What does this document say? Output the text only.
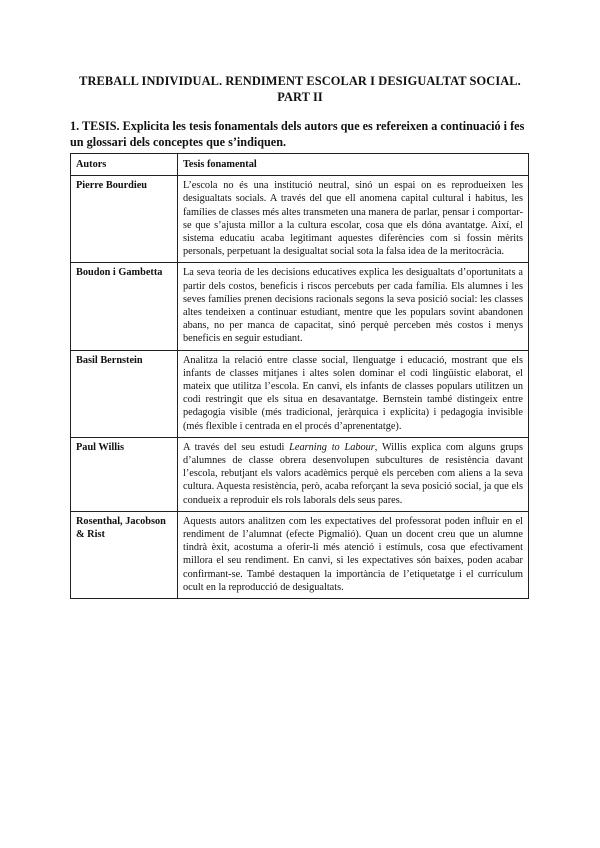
TREBALL INDIVIDUAL. RENDIMENT ESCOLAR I DESIGUALTAT SOCIAL. PART II
1. TESIS. Explicita les tesis fonamentals dels autors que es refereixen a continuació i fes un glossari dels conceptes que s’indiquen.
Autors	Tesis fonamental
Pierre Bourdieu	L’escola no és una institució neutral, sinó un espai on es reprodueixen les desigualtats socials. A través del que ell anomena capital cultural i habitus, les famílies de classes més altes transmeten una manera de parlar, pensar i comportar-se que s’ajusta millor a la cultura escolar, cosa que els dóna avantatge. Així, el sistema educatiu acaba legitimant aquestes diferències com si fossin mèrits personals, perpetuant la desigualtat social sota la falsa idea de la meritocràcia.
Boudon i Gambetta	La seva teoria de les decisions educatives explica les desigualtats d’oportunitats a partir dels costos, beneficis i riscos percebuts per cada família. Els alumnes i les seves famílies prenen decisions racionals segons la seva posició social: les classes altes tendeixen a continuar estudiant, mentre que les populars sovint abandonen abans, no per manca de capacitat, sinó perquè perceben més costos i menys beneficis en seguir estudiant.
Basil Bernstein	Analitza la relació entre classe social, llenguatge i educació, mostrant que els infants de classes mitjanes i altes solen dominar el codi lingüístic elaborat, el mateix que utilitza l’escola. En canvi, els infants de classes populars utilitzen un codi restringit que els situa en desavantatge. Bernstein també distingeix entre pedagogia visible (més tradicional, jeràrquica i explícita) i pedagogia invisible (més flexible i centrada en el procés d’aprenentatge).
Paul Willis	A través del seu estudi Learning to Labour, Willis explica com alguns grups d’alumnes de classe obrera desenvolupen subcultures de resistència davant l’escola, rebutjant els valors acadèmics perquè els perceben com aliens a la seva cultura. Aquesta resistència, però, acaba reforçant la seva posició social, ja que els condueix a reproduir els rols laborals dels seus pares.
Rosenthal, Jacobson & Rist	Aquests autors analitzen com les expectatives del professorat poden influir en el rendiment de l’alumnat (efecte Pigmalió). Quan un docent creu que un alumne tindrà èxit, acostuma a oferir-li més atenció i estímuls, cosa que efectivament millora el seu rendiment. En canvi, si les expectatives són baixes, poden acabar confirmant-se. També destaquen la importància de l’etiquetatge i el currículum ocult en la reproducció de desigualtats.
